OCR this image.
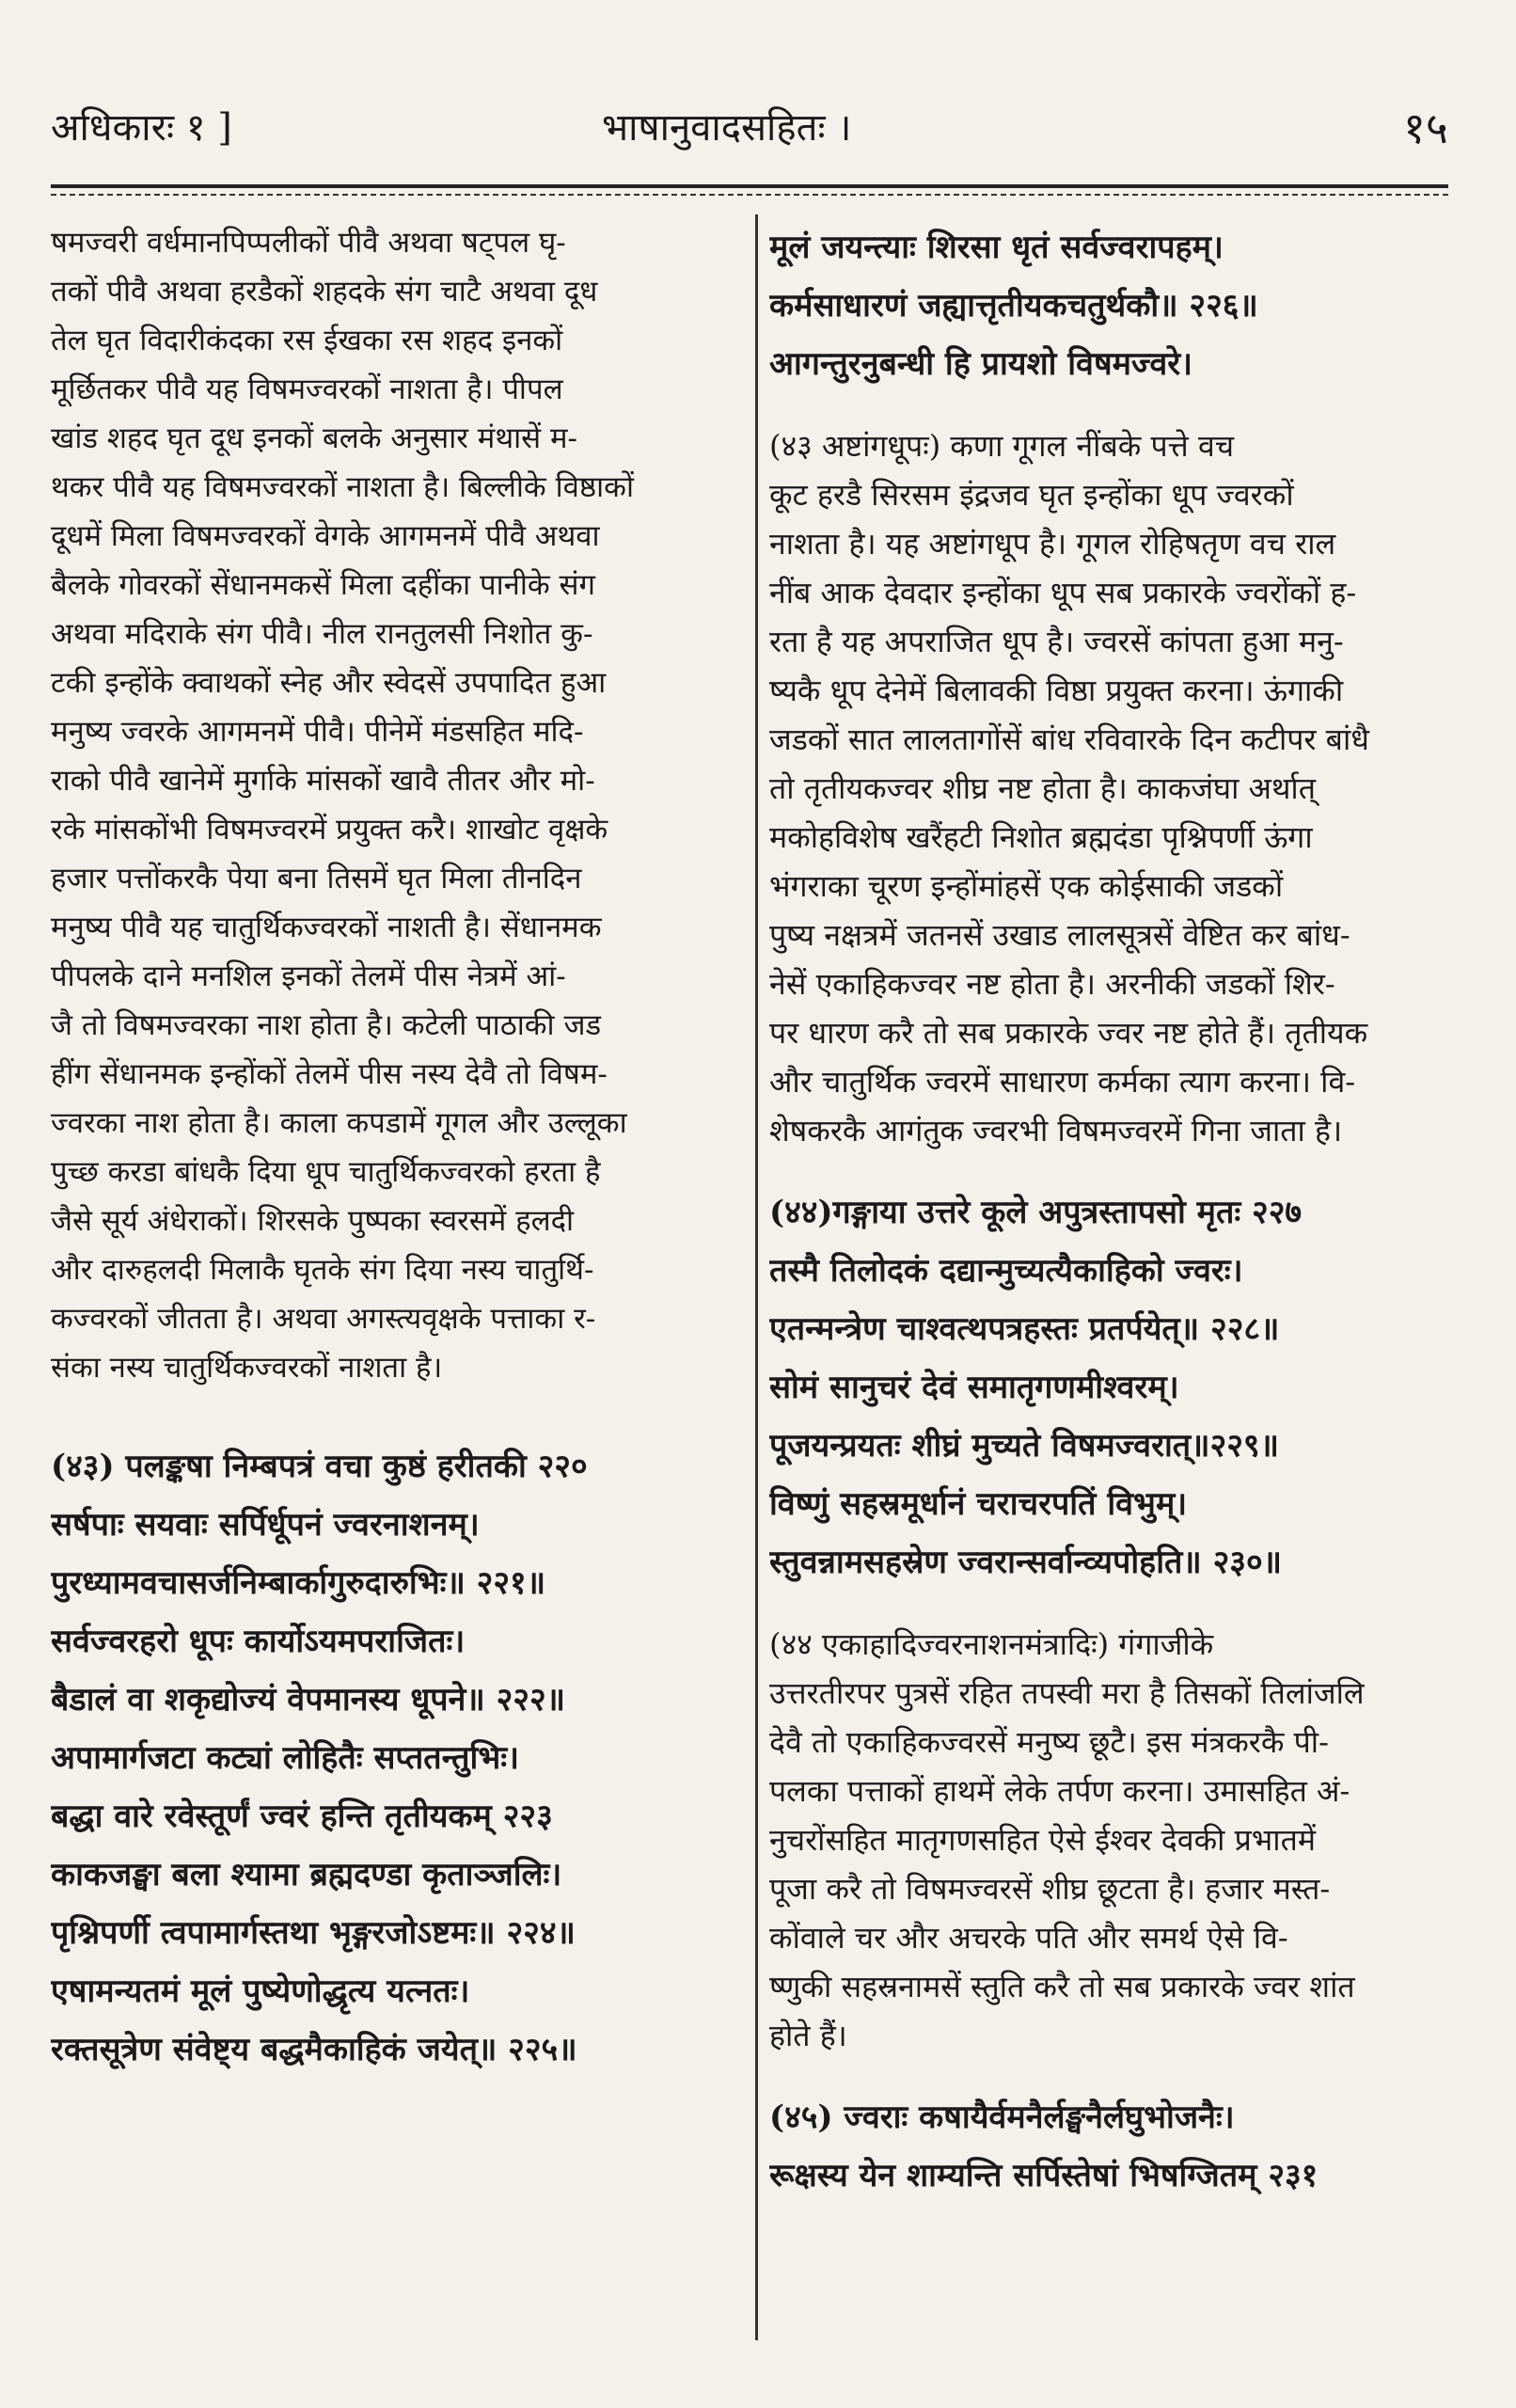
अधिकारः १ ]	भाषानुवादसहितः ।	१५
षमज्वरी वर्धमानपिप्पलीकों पीवै अथवा षट्पल घृ-
तकों पीवै अथवा हरडैकों शहदके संग चाटै अथवा दूध
तेल घृत विदारीकंदका रस ईखका रस शहद इनकों
मूर्छितकर पीवै यह विषमज्वरकों नाशता है। पीपल
खांड शहद घृत दूध इनकों बलके अनुसार मंथासें म-
थकर पीवै यह विषमज्वरकों नाशता है। बिल्लीके विष्ठाकों
दूधमें मिला विषमज्वरकों वेगके आगमनमें पीवै अथवा
बैलके गोवरकों सेंधानमकसें मिला दहींका पानीके संग
अथवा मदिराके संग पीवै। नील रानतुलसी निशोत कु-
टकी इन्होंके क्वाथकों स्नेह और स्वेदसें उपपादित हुआ
मनुष्य ज्वरके आगमनमें पीवै। पीनेमें मंडसहित मदि-
राको पीवै खानेमें मुर्गाके मांसकों खावै तीतर और मो-
रके मांसकोंभी विषमज्वरमें प्रयुक्त करै। शाखोट वृक्षके
हजार पत्तोंकरकै पेया बना तिसमें घृत मिला तीनदिन
मनुष्य पीवै यह चातुर्थिकज्वरकों नाशती है। सेंधानमक
पीपलके दाने मनशिल इनकों तेलमें पीस नेत्रमें आं-
जै तो विषमज्वरका नाश होता है। कटेली पाठाकी जड
हींग सेंधानमक इन्होंकों तेलमें पीस नस्य देवै तो विषम-
ज्वरका नाश होता है। काला कपडामें गूगल और उल्लूका
पुच्छ करडा बांधकै दिया धूप चातुर्थिकज्वरको हरता है
जैसे सूर्य अंधेराकों। शिरसके पुष्पका स्वरसमें हलदी
और दारुहलदी मिलाकै घृतके संग दिया नस्य चातुर्थि-
कज्वरकों जीतता है। अथवा अगस्त्यवृक्षके पत्ताका र-
संका नस्य चातुर्थिकज्वरकों नाशता है।
(४३) पलङ्कषा निम्बपत्रं वचा कुष्ठं हरीतकी २२०
सर्षपाः सयवाः सर्पिर्धूपनं ज्वरनाशनम्।
पुरध्यामवचासर्जनिम्बार्कागुरुदारुभिः॥ २२१॥
सर्वज्वरहरो धूपः कार्योऽयमपराजितः।
बैडालं वा शकृद्योज्यं वेपमानस्य धूपने॥ २२२॥
अपामार्गजटा कट्यां लोहितैः सप्ततन्तुभिः।
बद्धा वारे रवेस्तूर्णं ज्वरं हन्ति तृतीयकम् २२३
काकजङ्घा बला श्यामा ब्रह्मदण्डा कृताञ्जलिः।
पृश्निपर्णी त्वपामार्गस्तथा भृङ्गरजोऽष्टमः॥ २२४॥
एषामन्यतमं मूलं पुष्येणोद्धृत्य यत्नतः।
रक्तसूत्रेण संवेष्ट्य बद्धमैकाहिकं जयेत्॥ २२५॥
मूलं जयन्त्याः शिरसा धृतं सर्वज्वरापहम्।
कर्मसाधारणं जह्यात्तृतीयकचतुर्थकौ॥ २२६॥
आगन्तुरनुबन्धी हि प्रायशो विषमज्वरे।
(४३ अष्टांगधूपः) कणा गूगल नींबके पत्ते वच
कूट हरडै सिरसम इंद्रजव घृत इन्होंका धूप ज्वरकों
नाशता है। यह अष्टांगधूप है। गूगल रोहिषतृण वच राल
नींब आक देवदार इन्होंका धूप सब प्रकारके ज्वरोंकों ह-
रता है यह अपराजित धूप है। ज्वरसें कांपता हुआ मनु-
ष्यकै धूप देनेमें बिलावकी विष्ठा प्रयुक्त करना। ऊंगाकी
जडकों सात लालतागोंसें बांध रविवारके दिन कटीपर बांधै
तो तृतीयकज्वर शीघ्र नष्ट होता है। काकजंघा अर्थात्
मकोहविशेष खरैंहटी निशोत ब्रह्मदंडा पृश्निपर्णी ऊंगा
भंगराका चूरण इन्होंमांहसें एक कोईसाकी जडकों
पुष्य नक्षत्रमें जतनसें उखाड लालसूत्रसें वेष्टित कर बांध-
नेसें एकाहिकज्वर नष्ट होता है। अरनीकी जडकों शिर-
पर धारण करै तो सब प्रकारके ज्वर नष्ट होते हैं। तृतीयक
और चातुर्थिक ज्वरमें साधारण कर्मका त्याग करना। वि-
शेषकरकै आगंतुक ज्वरभी विषमज्वरमें गिना जाता है।
(४४)गङ्गाया उत्तरे कूले अपुत्रस्तापसो मृतः २२७
तस्मै तिलोदकं दद्यान्मुच्यत्यैकाहिको ज्वरः।
एतन्मन्त्रेण चाश्वत्थपत्रहस्तः प्रतर्पयेत्॥ २२८॥
सोमं सानुचरं देवं समातृगणमीश्वरम्।
पूजयन्प्रयतः शीघ्रं मुच्यते विषमज्वरात्॥२२९॥
विष्णुं सहस्रमूर्धानं चराचरपतिं विभुम्।
स्तुवन्नामसहस्रेण ज्वरान्सर्वान्व्यपोहति॥ २३०॥
(४४ एकाहादिज्वरनाशनमंत्रादिः) गंगाजीके
उत्तरतीरपर पुत्रसें रहित तपस्वी मरा है तिसकों तिलांजलि
देवै तो एकाहिकज्वरसें मनुष्य छूटै। इस मंत्रकरकै पी-
पलका पत्ताकों हाथमें लेके तर्पण करना। उमासहित अं-
नुचरोंसहित मातृगणसहित ऐसे ईश्वर देवकी प्रभातमें
पूजा करै तो विषमज्वरसें शीघ्र छूटता है। हजार मस्त-
कोंवाले चर और अचरके पति और समर्थ ऐसे वि-
ष्णुकी सहस्रनामसें स्तुति करै तो सब प्रकारके ज्वर शांत
होते हैं।
(४५) ज्वराः कषायैर्वमनैर्लङ्घनैर्लघुभोजनैः।
रूक्षस्य येन शाम्यन्ति सर्पिस्तेषां भिषग्जितम् २३१
